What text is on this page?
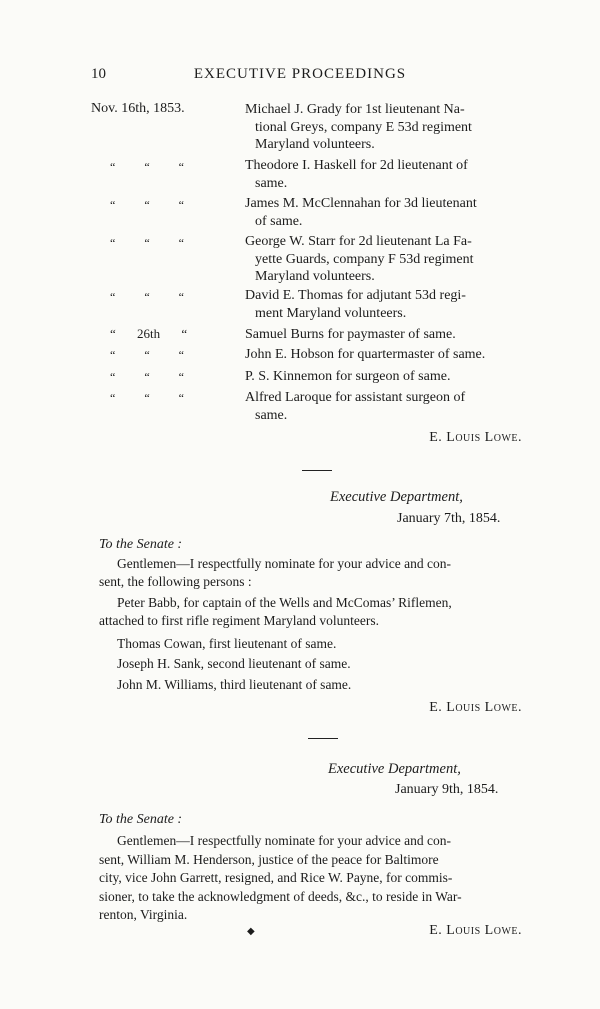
10	EXECUTIVE PROCEEDINGS
Nov. 16th, 1853.	Michael J. Grady for 1st lieutenant Na-

tional Greys, company E 53d regiment
Maryland volunteers.
“ “ “	Theodore I. Haskell for 2d lieutenant of

same.
“ “ “	James M. McClennahan for 3d lieutenant

of same.
“ “ “	George W. Starr for 2d lieutenant La Fa-

yette Guards, company F 53d regiment
Maryland volunteers.
“ “ “	David E. Thomas for adjutant 53d regi-

ment Maryland volunteers.
“ 26th “	Samuel Burns for paymaster of same.
“ “ “	John E. Hobson for quartermaster of same.
“ “ “	P. S. Kinnemon for surgeon of same.
“ “ “	Alfred Laroque for assistant surgeon of

same.
E. Louis Lowe.
Executive Department,
January 7th, 1854.
To the Senate :
Gentlemen—I respectfully nominate for your advice and con-
sent, the following persons :
Peter Babb, for captain of the Wells and McComas’ Riflemen,
attached to first rifle regiment Maryland volunteers.
Thomas Cowan, first lieutenant of same.
Joseph H. Sank, second lieutenant of same.
John M. Williams, third lieutenant of same.
E. Louis Lowe.
Executive Department,
January 9th, 1854.
To the Senate :
Gentlemen—I respectfully nominate for your advice and con-
sent, William M. Henderson, justice of the peace for Baltimore
city, vice John Garrett, resigned, and Rice W. Payne, for commis-
sioner, to take the acknowledgment of deeds, &c., to reside in War-
renton, Virginia.
E. Louis Lowe.
◆
